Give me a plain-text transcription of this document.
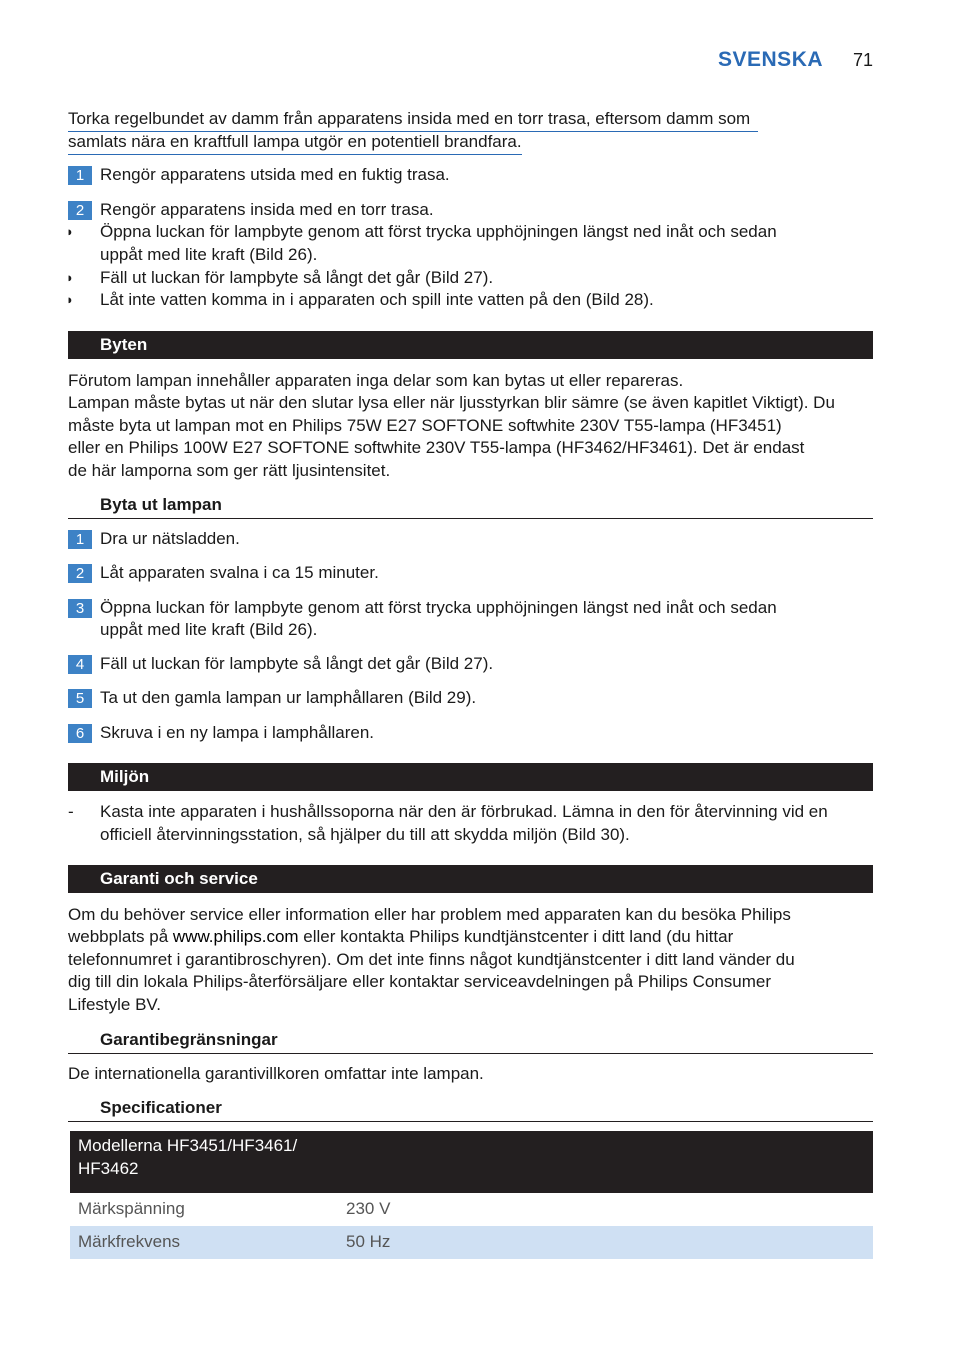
SVENSKA 71
Torka regelbundet av damm från apparatens insida med en torr trasa, eftersom damm som
samlats nära en kraftfull lampa utgör en potentiell brandfara.
1 Rengör apparatens utsida med en fuktig trasa.
2 Rengör apparatens insida med en torr trasa.
◗ Öppna luckan för lampbyte genom att först trycka upphöjningen längst ned inåt och sedan
uppåt med lite kraft (Bild 26).
◗ Fäll ut luckan för lampbyte så långt det går (Bild 27).
◗ Låt inte vatten komma in i apparaten och spill inte vatten på den (Bild 28).
Byten
Förutom lampan innehåller apparaten inga delar som kan bytas ut eller repareras.
Lampan måste bytas ut när den slutar lysa eller när ljusstyrkan blir sämre (se även kapitlet Viktigt). Du
måste byta ut lampan mot en Philips 75W E27 SOFTONE softwhite 230V T55-lampa (HF3451)
eller en Philips 100W E27 SOFTONE softwhite 230V T55-lampa (HF3462/HF3461). Det är endast
de här lamporna som ger rätt ljusintensitet.
Byta ut lampan
1 Dra ur nätsladden.
2 Låt apparaten svalna i ca 15 minuter.
3 Öppna luckan för lampbyte genom att först trycka upphöjningen längst ned inåt och sedan
uppåt med lite kraft (Bild 26).
4 Fäll ut luckan för lampbyte så långt det går (Bild 27).
5 Ta ut den gamla lampan ur lamphållaren (Bild 29).
6 Skruva i en ny lampa i lamphållaren.
Miljön
- Kasta inte apparaten i hushållssoporna när den är förbrukad. Lämna in den för återvinning vid en
officiell återvinningsstation, så hjälper du till att skydda miljön (Bild 30).
Garanti och service
Om du behöver service eller information eller har problem med apparaten kan du besöka Philips
webbplats på www.philips.com eller kontakta Philips kundtjänstcenter i ditt land (du hittar
telefonnumret i garantibroschyren). Om det inte finns något kundtjänstcenter i ditt land vänder du
dig till din lokala Philips-återförsäljare eller kontaktar serviceavdelningen på Philips Consumer
Lifestyle BV.
Garantibegränsningar
De internationella garantivillkoren omfattar inte lampan.
Specificationer
Modellerna HF3451/HF3461/
HF3462
Märkspänning	230 V
Märkfrekvens	50 Hz
